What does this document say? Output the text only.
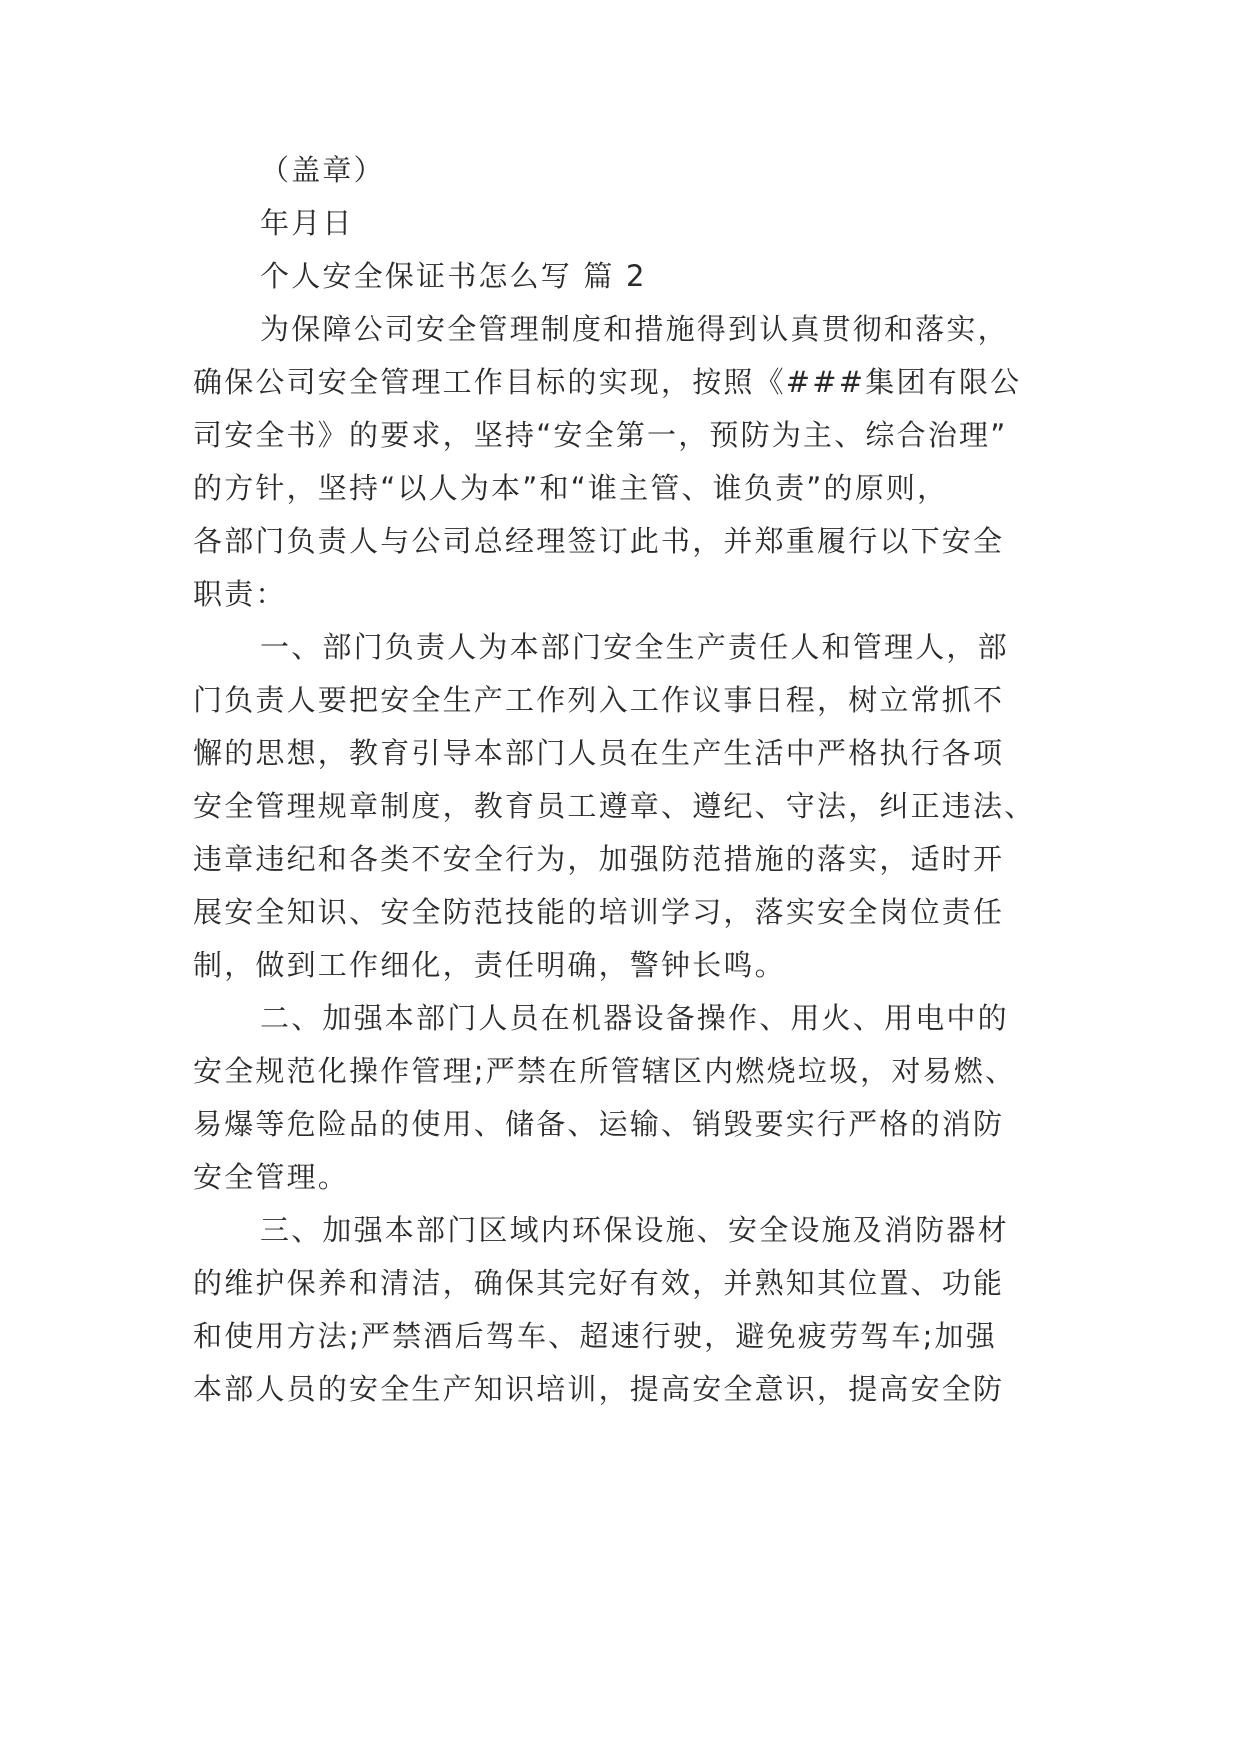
（盖章）
年月日
个人安全保证书怎么写 篇 2
为保障公司安全管理制度和措施得到认真贯彻和落实，
确保公司安全管理工作目标的实现，按照《###集团有限公
司安全书》的要求，坚持“安全第一，预防为主、综合治理”
的方针，坚持“以人为本”和“谁主管、谁负责”的原则，
各部门负责人与公司总经理签订此书，并郑重履行以下安全
职责：
一、部门负责人为本部门安全生产责任人和管理人，部
门负责人要把安全生产工作列入工作议事日程，树立常抓不
懈的思想，教育引导本部门人员在生产生活中严格执行各项
安全管理规章制度，教育员工遵章、遵纪、守法，纠正违法、
违章违纪和各类不安全行为，加强防范措施的落实，适时开
展安全知识、安全防范技能的培训学习，落实安全岗位责任
制，做到工作细化，责任明确，警钟长鸣。
二、加强本部门人员在机器设备操作、用火、用电中的
安全规范化操作管理;严禁在所管辖区内燃烧垃圾，对易燃、
易爆等危险品的使用、储备、运输、销毁要实行严格的消防
安全管理。
三、加强本部门区域内环保设施、安全设施及消防器材
的维护保养和清洁，确保其完好有效，并熟知其位置、功能
和使用方法;严禁酒后驾车、超速行驶，避免疲劳驾车;加强
本部人员的安全生产知识培训，提高安全意识，提高安全防
